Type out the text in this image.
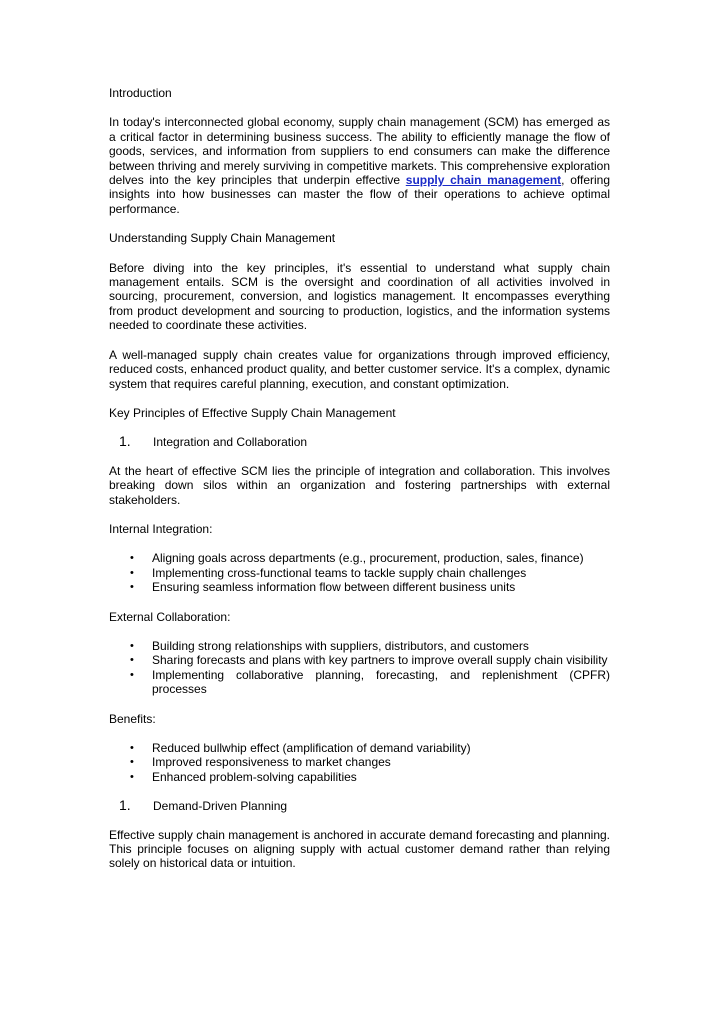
Introduction

In today's interconnected global economy, supply chain management (SCM) has emerged as a critical factor in determining business success. The ability to efficiently manage the flow of goods, services, and information from suppliers to end consumers can make the difference between thriving and merely surviving in competitive markets. This comprehensive exploration delves into the key principles that underpin effective supply chain management, offering insights into how businesses can master the flow of their operations to achieve optimal performance.

Understanding Supply Chain Management

Before diving into the key principles, it's essential to understand what supply chain management entails. SCM is the oversight and coordination of all activities involved in sourcing, procurement, conversion, and logistics management. It encompasses everything from product development and sourcing to production, logistics, and the information systems needed to coordinate these activities.

A well-managed supply chain creates value for organizations through improved efficiency, reduced costs, enhanced product quality, and better customer service. It's a complex, dynamic system that requires careful planning, execution, and constant optimization.

Key Principles of Effective Supply Chain Management

1. Integration and Collaboration

At the heart of effective SCM lies the principle of integration and collaboration. This involves breaking down silos within an organization and fostering partnerships with external stakeholders.

Internal Integration:

• Aligning goals across departments (e.g., procurement, production, sales, finance)
• Implementing cross-functional teams to tackle supply chain challenges
• Ensuring seamless information flow between different business units

External Collaboration:

• Building strong relationships with suppliers, distributors, and customers
• Sharing forecasts and plans with key partners to improve overall supply chain visibility
• Implementing collaborative planning, forecasting, and replenishment (CPFR) processes

Benefits:

• Reduced bullwhip effect (amplification of demand variability)
• Improved responsiveness to market changes
• Enhanced problem-solving capabilities
1. Demand-Driven Planning

Effective supply chain management is anchored in accurate demand forecasting and planning. This principle focuses on aligning supply with actual customer demand rather than relying solely on historical data or intuition.
